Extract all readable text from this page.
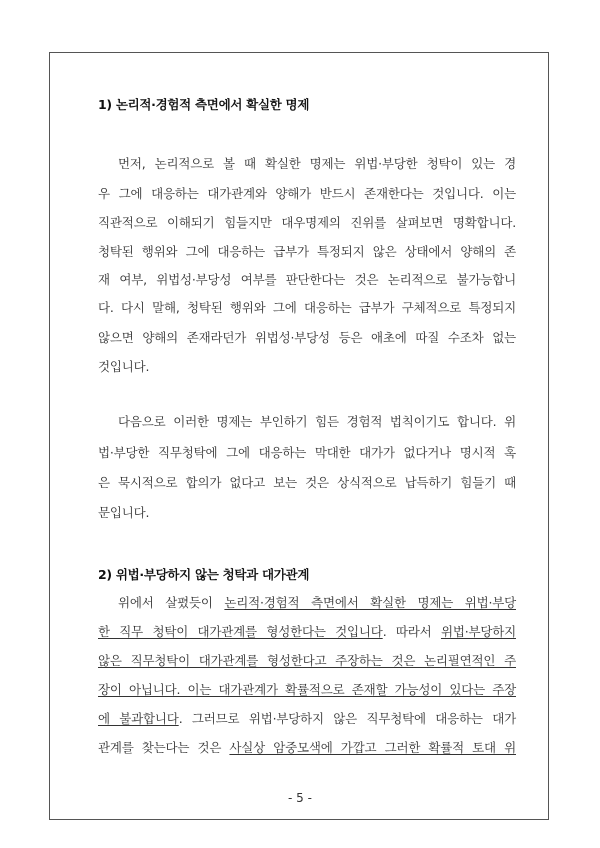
1) 논리적·경험적 측면에서 확실한 명제
먼저, 논리적으로 볼 때 확실한 명제는 위법·부당한 청탁이 있는 경
우 그에 대응하는 대가관계와 양해가 반드시 존재한다는 것입니다. 이는
직관적으로 이해되기 힘들지만 대우명제의 진위를 살펴보면 명확합니다.
청탁된 행위와 그에 대응하는 급부가 특정되지 않은 상태에서 양해의 존
재 여부, 위법성·부당성 여부를 판단한다는 것은 논리적으로 불가능합니
다. 다시 말해, 청탁된 행위와 그에 대응하는 급부가 구체적으로 특정되지
않으면 양해의 존재라던가 위법성·부당성 등은 애초에 따질 수조차 없는
것입니다.
다음으로 이러한 명제는 부인하기 힘든 경험적 법칙이기도 합니다. 위
법·부당한 직무청탁에 그에 대응하는 막대한 대가가 없다거나 명시적 혹
은 묵시적으로 합의가 없다고 보는 것은 상식적으로 납득하기 힘들기 때
문입니다.
2) 위법·부당하지 않는 청탁과 대가관계
위에서 살폈듯이 논리적·경험적 측면에서 확실한 명제는 위법·부당
한 직무 청탁이 대가관계를 형성한다는 것입니다. 따라서 위법·부당하지
않은 직무청탁이 대가관계를 형성한다고 주장하는 것은 논리필연적인 주
장이 아닙니다. 이는 대가관계가 확률적으로 존재할 가능성이 있다는 주장
에 불과합니다. 그러므로 위법·부당하지 않은 직무청탁에 대응하는 대가
관계를 찾는다는 것은 사실상 암중모색에 가깝고 그러한 확률적 토대 위
- 5 -
